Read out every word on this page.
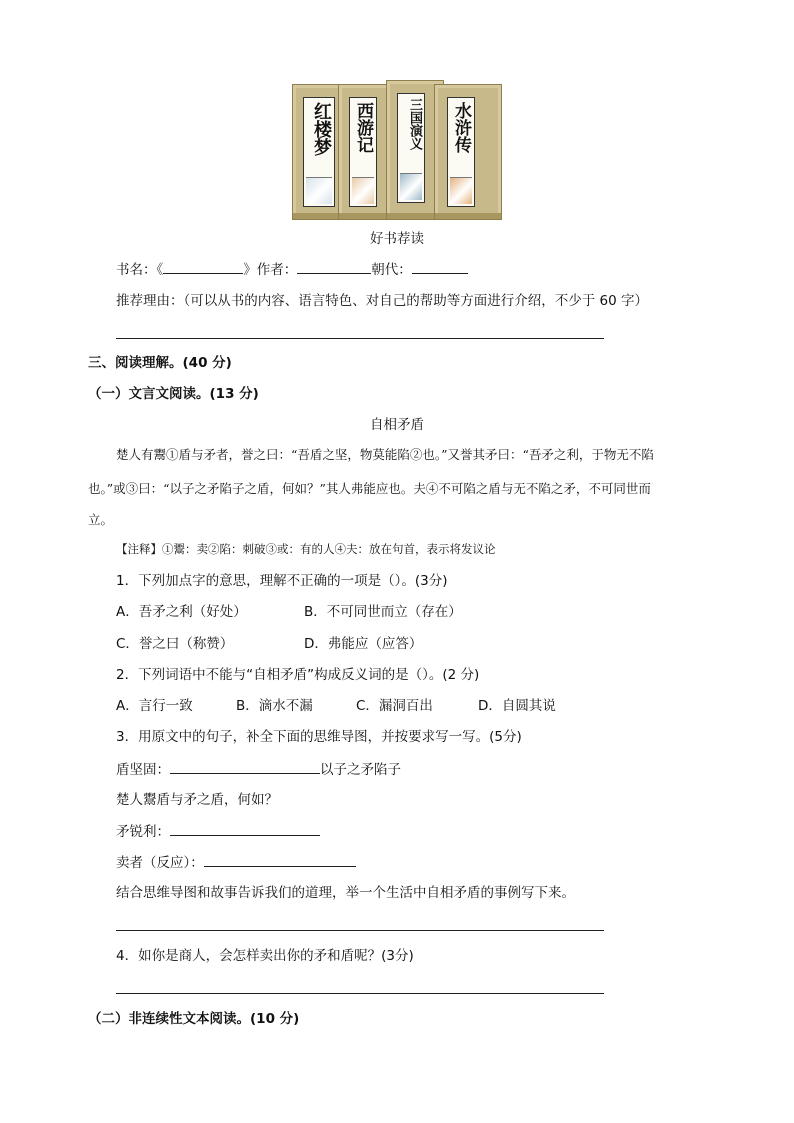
红楼梦 西游记	三国演义 水浒传
好书荐读
书名：《	》作者：	朝代：
推荐理由：（可以从书的内容、语言特色、对自己的帮助等方面进行介绍，不少于 60 字）
三、阅读理解。(40 分)
（一）文言文阅读。(13 分)
自相矛盾
楚人有鬻①盾与矛者，誉之曰：“吾盾之坚，物莫能陷②也。”又誉其矛曰：“吾矛之利，于物无不陷
也。”或③曰：“以子之矛陷子之盾，何如？”其人弗能应也。夫④不可陷之盾与无不陷之矛，不可同世而
立。
【注释】①鬻：卖②陷：刺破③或：有的人④夫：放在句首，表示将发议论
1．下列加点字的意思，理解不正确的一项是（）。(3分)
A．吾矛之利（好处）	B．不可同世而立（存在）
C．誉之曰（称赞）	D．弗能应（应答）
2．下列词语中不能与“自相矛盾”构成反义词的是（）。(2 分)
A．言行一致	B．滴水不漏	C．漏洞百出	D．自圆其说
3．用原文中的句子，补全下面的思维导图，并按要求写一写。(5分)
盾坚固：	以子之矛陷子
楚人鬻盾与矛之盾，何如？
矛锐利：
卖者（反应）：
结合思维导图和故事告诉我们的道理，举一个生活中自相矛盾的事例写下来。
4．如你是商人，会怎样卖出你的矛和盾呢？(3分)
（二）非连续性文本阅读。(10 分)
